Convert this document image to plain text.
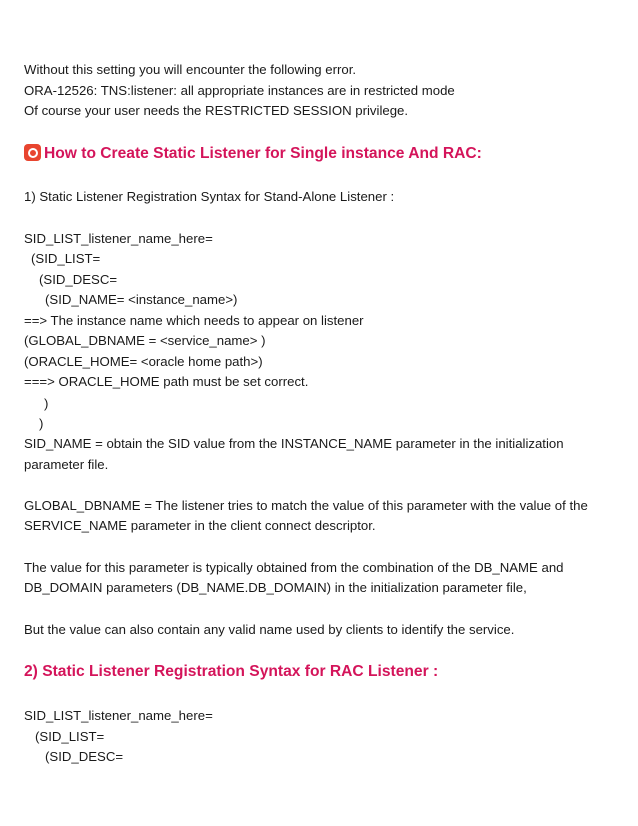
Without this setting you will encounter the following error.
ORA-12526: TNS:listener: all appropriate instances are in restricted mode
Of course your user needs the RESTRICTED SESSION privilege.
How to Create Static Listener for Single instance And RAC:
1) Static Listener Registration Syntax for Stand-Alone Listener :
SID_LIST_listener_name_here=
(SID_LIST=
(SID_DESC=
(SID_NAME= <instance_name>)
==> The instance name which needs to appear on listener
(GLOBAL_DBNAME = <service_name> )
(ORACLE_HOME= <oracle home path>)
===> ORACLE_HOME path must be set correct.
)
)
SID_NAME = obtain the SID value from the INSTANCE_NAME parameter in the initialization
parameter file.
GLOBAL_DBNAME = The listener tries to match the value of this parameter with the value of the
SERVICE_NAME parameter in the client connect descriptor.
The value for this parameter is typically obtained from the combination of the DB_NAME and
DB_DOMAIN parameters (DB_NAME.DB_DOMAIN) in the initialization parameter file,
But the value can also contain any valid name used by clients to identify the service.
2) Static Listener Registration Syntax for RAC Listener :
SID_LIST_listener_name_here=
(SID_LIST=
(SID_DESC=
